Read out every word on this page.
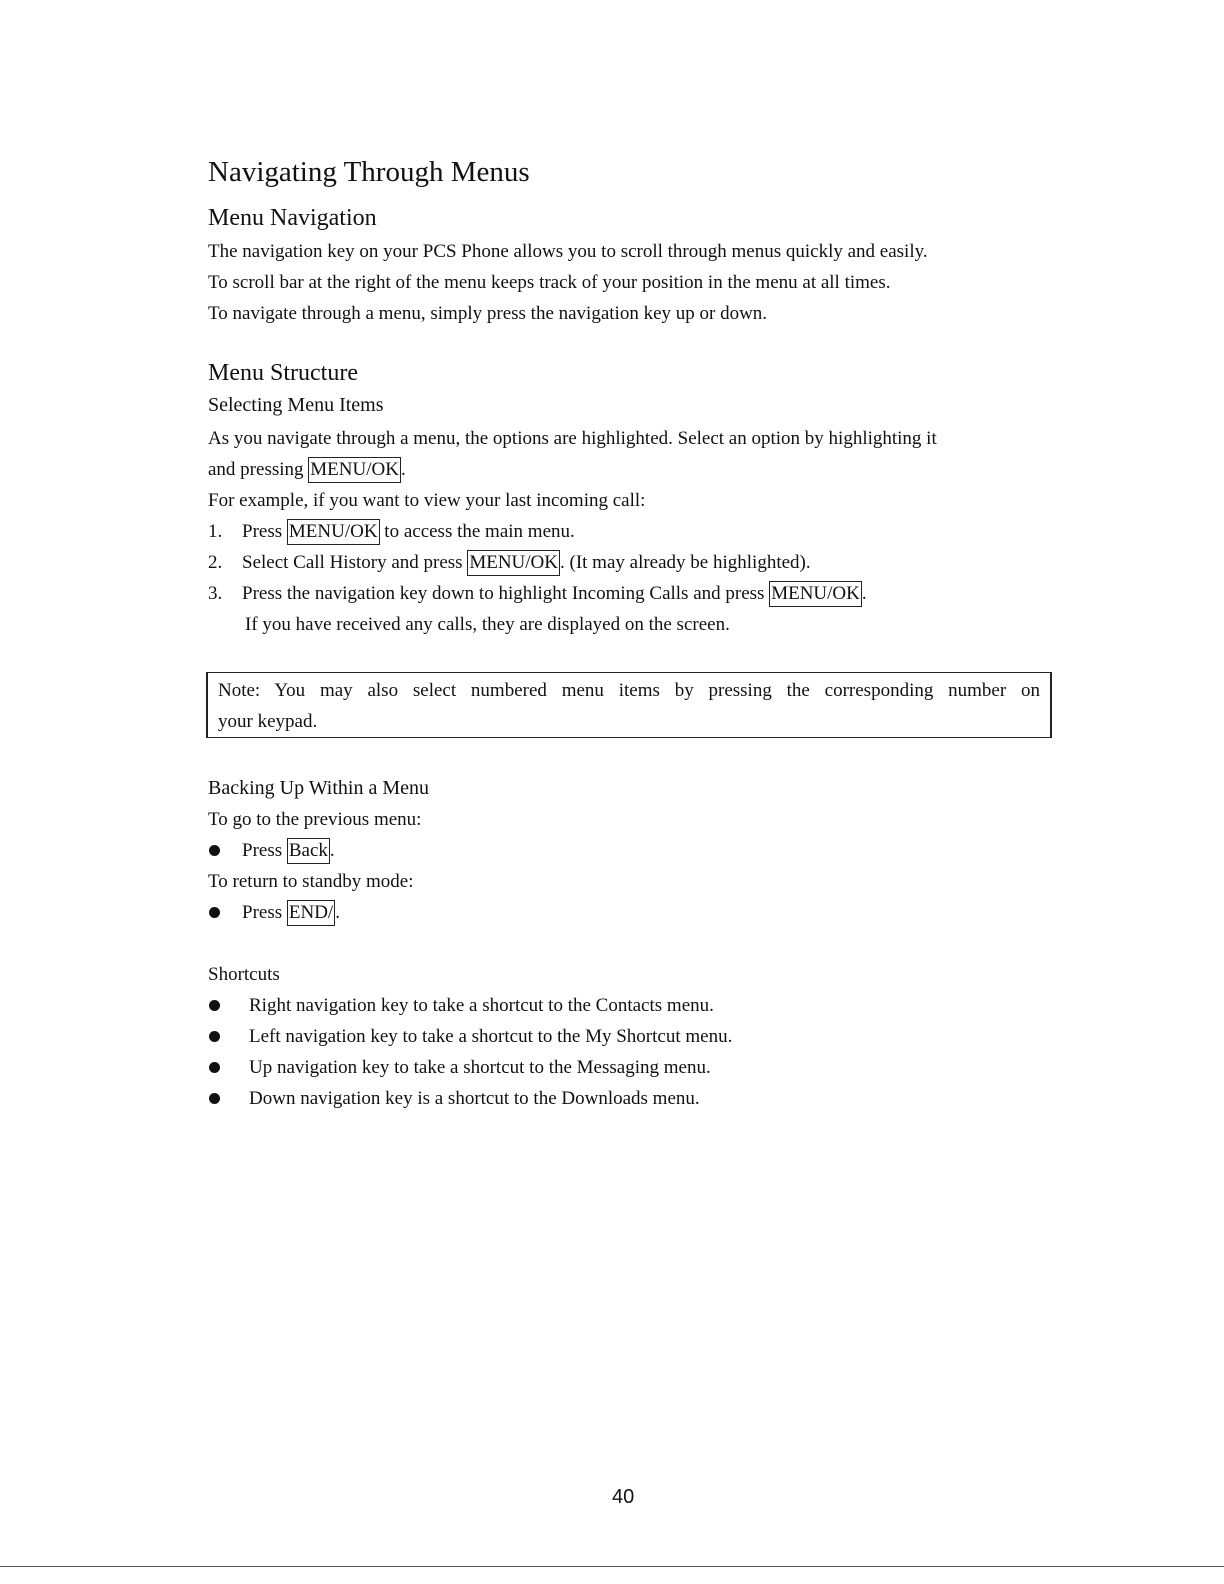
Navigating Through Menus
Menu Navigation
The navigation key on your PCS Phone allows you to scroll through menus quickly and easily.
To scroll bar at the right of the menu keeps track of your position in the menu at all times.
To navigate through a menu, simply press the navigation key up or down.
Menu Structure
Selecting Menu Items
As you navigate through a menu, the options are highlighted. Select an option by highlighting it
and pressing MENU/OK .
For example, if you want to view your last incoming call:
1. Press MENU/OK to access the main menu.
2. Select Call History and press MENU/OK . (It may already be highlighted).
3. Press the navigation key down to highlight Incoming Calls and press MENU/OK .
If you have received any calls, they are displayed on the screen.
Note: You may also select numbered menu items by pressing the corresponding number on
your keypad.
Backing Up Within a Menu
To go to the previous menu:
Press Back .
To return to standby mode:
Press END/ .
Shortcuts
Right navigation key to take a shortcut to the Contacts menu.
Left navigation key to take a shortcut to the My Shortcut menu.
Up navigation key to take a shortcut to the Messaging menu.
Down navigation key is a shortcut to the Downloads menu.
40
